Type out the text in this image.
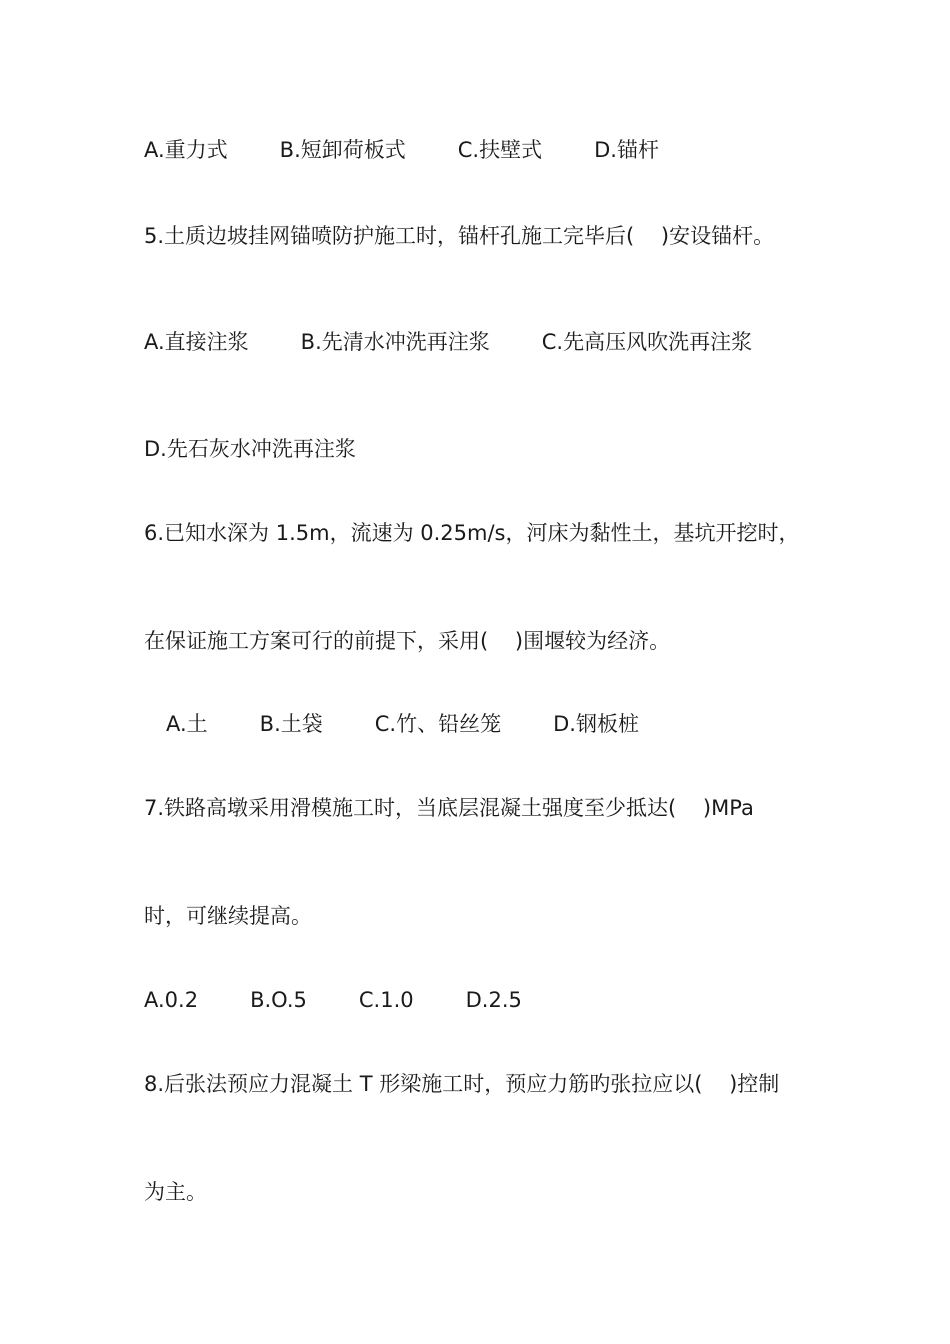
A.重力式 B.短卸荷板式 C.扶壁式 D.锚杆
5.土质边坡挂网锚喷防护施工时，锚杆孔施工完毕后(    )安设锚杆。
A.直接注浆 B.先清水冲洗再注浆 C.先高压风吹洗再注浆
D.先石灰水冲洗再注浆
6.已知水深为 1.5m，流速为 0.25m/s，河床为黏性土，基坑开挖时，
在保证施工方案可行的前提下，采用(    )围堰较为经济。
A.土 B.土袋 C.竹、铅丝笼 D.钢板桩
7.铁路高墩采用滑模施工时，当底层混凝土强度至少抵达(    )MPa
时，可继续提高。
A.0.2 B.O.5 C.1.0 D.2.5
8.后张法预应力混凝土 T 形梁施工时，预应力筋旳张拉应以(    )控制
为主。
